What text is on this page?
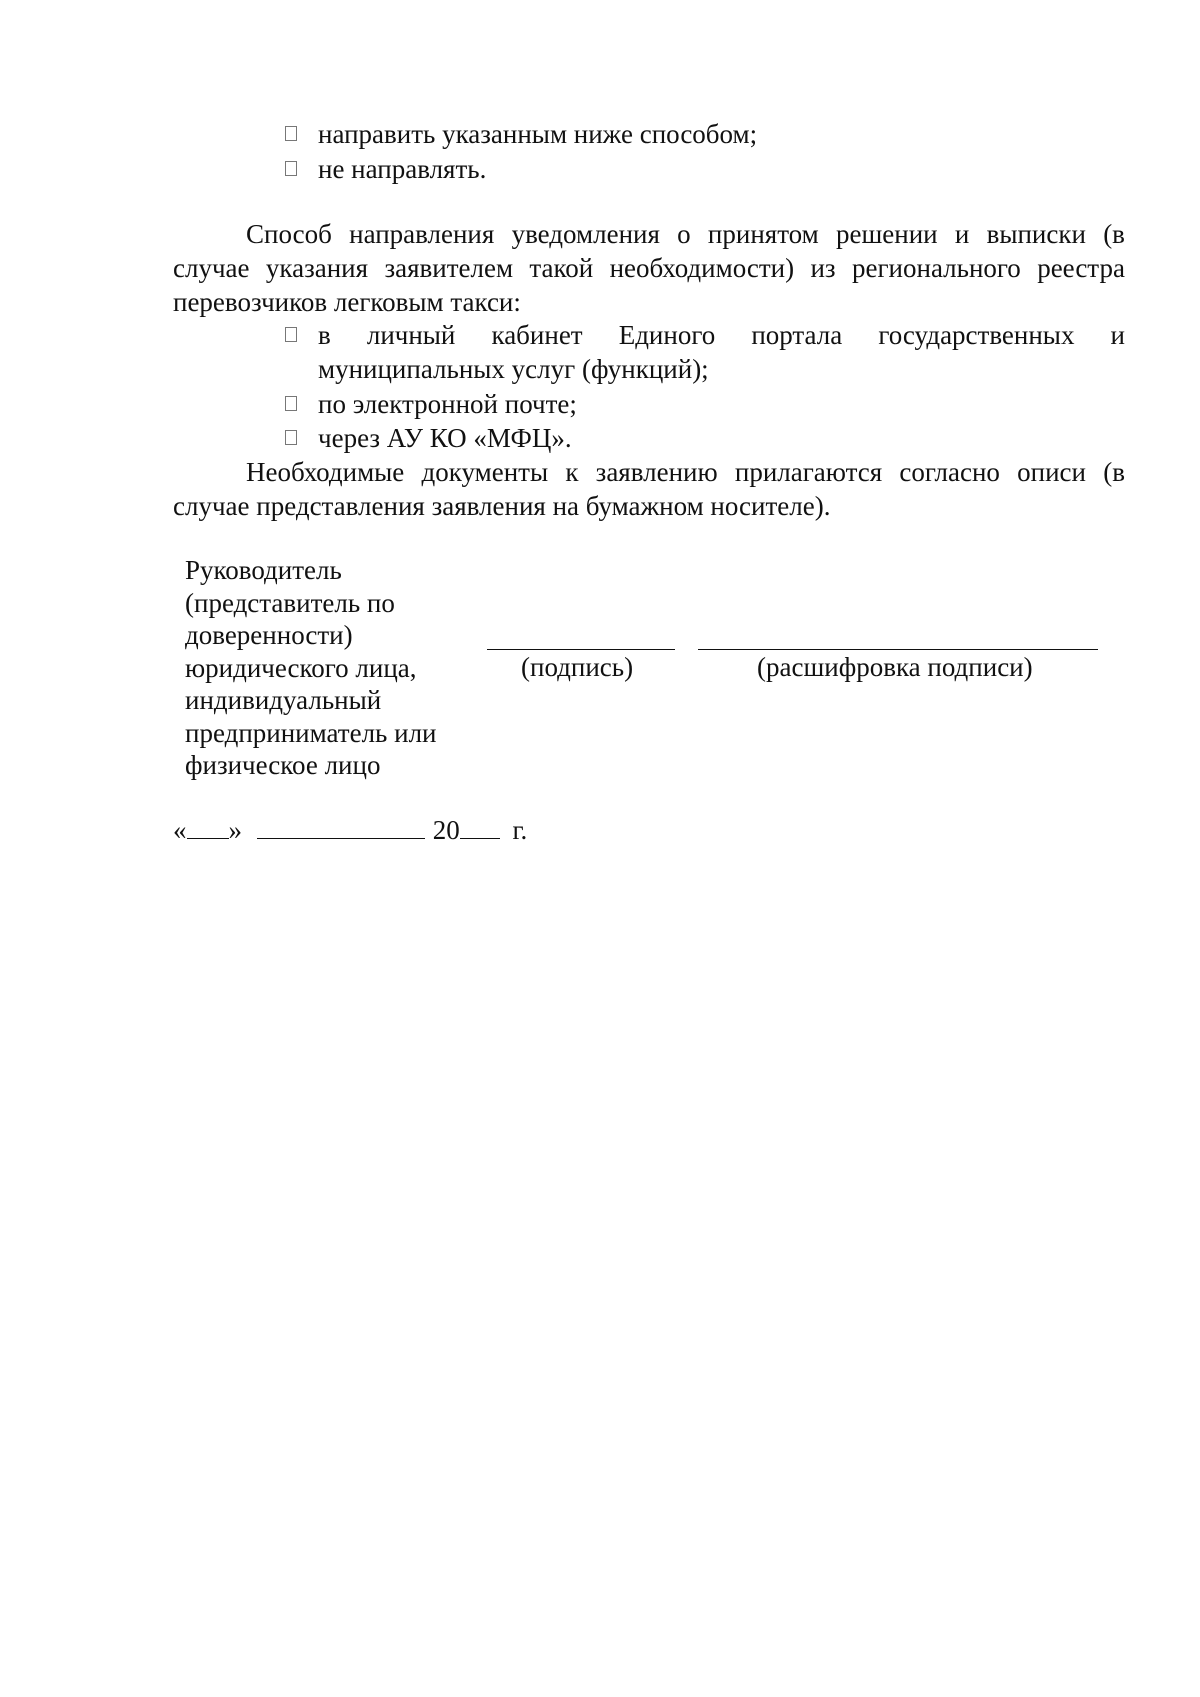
направить указанным ниже способом;
не направлять.
Способ направления уведомления о принятом решении и выписки (в
случае указания заявителем такой необходимости) из регионального реестра
перевозчиков легковым такси:
в личный кабинет Единого портала государственных и
муниципальных услуг (функций);
по электронной почте;
через АУ КО «МФЦ».
Необходимые документы к заявлению прилагаются согласно описи (в
случае представления заявления на бумажном носителе).
Руководитель
(представитель по
доверенности)
юридического лица,
индивидуальный
предприниматель или
физическое лицо
(подпись)	(расшифровка подписи)
« »	20 г.
